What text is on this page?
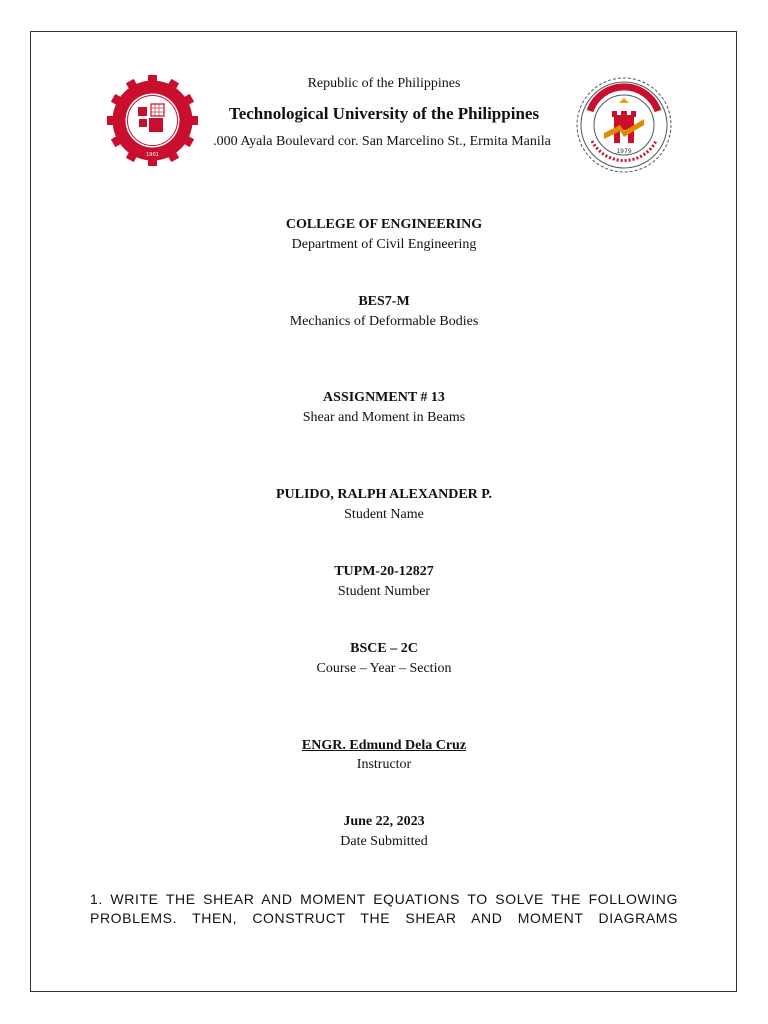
1901	1979
Republic of the Philippines
Technological University of the Philippines
.000 Ayala Boulevard cor. San Marcelino St., Ermita Manila
COLLEGE OF ENGINEERING
Department of Civil Engineering
BES7-M
Mechanics of Deformable Bodies
ASSIGNMENT # 13
Shear and Moment in Beams
PULIDO, RALPH ALEXANDER P.
Student Name
TUPM-20-12827
Student Number
BSCE – 2C
Course – Year – Section
ENGR. Edmund Dela Cruz
Instructor
June 22, 2023
Date Submitted
1. WRITE THE SHEAR AND MOMENT EQUATIONS TO SOLVE THE FOLLOWING
PROBLEMS. THEN, CONSTRUCT THE SHEAR AND MOMENT DIAGRAMS
